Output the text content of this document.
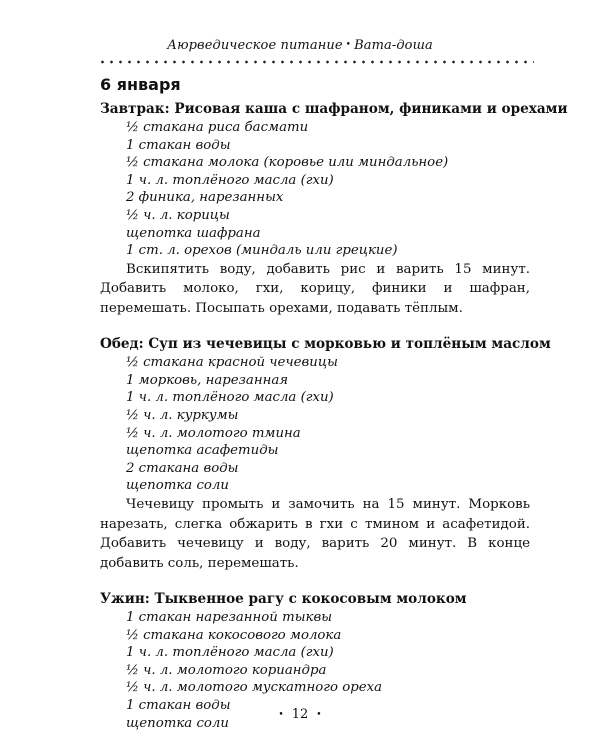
Аюрведическое питание • Вата-доша
6 января
Завтрак: Рисовая каша с шафраном, финиками и орехами
½ стакана риса басмати
1 стакан воды
½ стакана молока (коровье или миндальное)
1 ч. л. топлёного масла (гхи)
2 финика, нарезанных
½ ч. л. корицы
щепотка шафрана
1 ст. л. орехов (миндаль или грецкие)

Вскипятить воду, добавить рис и варить 15 минут. Добавить молоко, гхи, корицу, финики и шафран, перемешать. Посыпать орехами, подавать тёплым.

Обед: Суп из чечевицы с морковью и топлёным маслом
½ стакана красной чечевицы
1 морковь, нарезанная
1 ч. л. топлёного масла (гхи)
½ ч. л. куркумы
½ ч. л. молотого тмина
щепотка асафетиды
2 стакана воды
щепотка соли

Чечевицу промыть и замочить на 15 минут. Морковь нарезать, слегка обжарить в гхи с тмином и асафетидой. Добавить чечевицу и воду, варить 20 минут. В конце добавить соль, перемешать.

Ужин: Тыквенное рагу с кокосовым молоком
1 стакан нарезанной тыквы
½ стакана кокосового молока
1 ч. л. топлёного масла (гхи)
½ ч. л. молотого кориандра
½ ч. л. молотого мускатного ореха
1 стакан воды
щепотка соли
• 12 •
